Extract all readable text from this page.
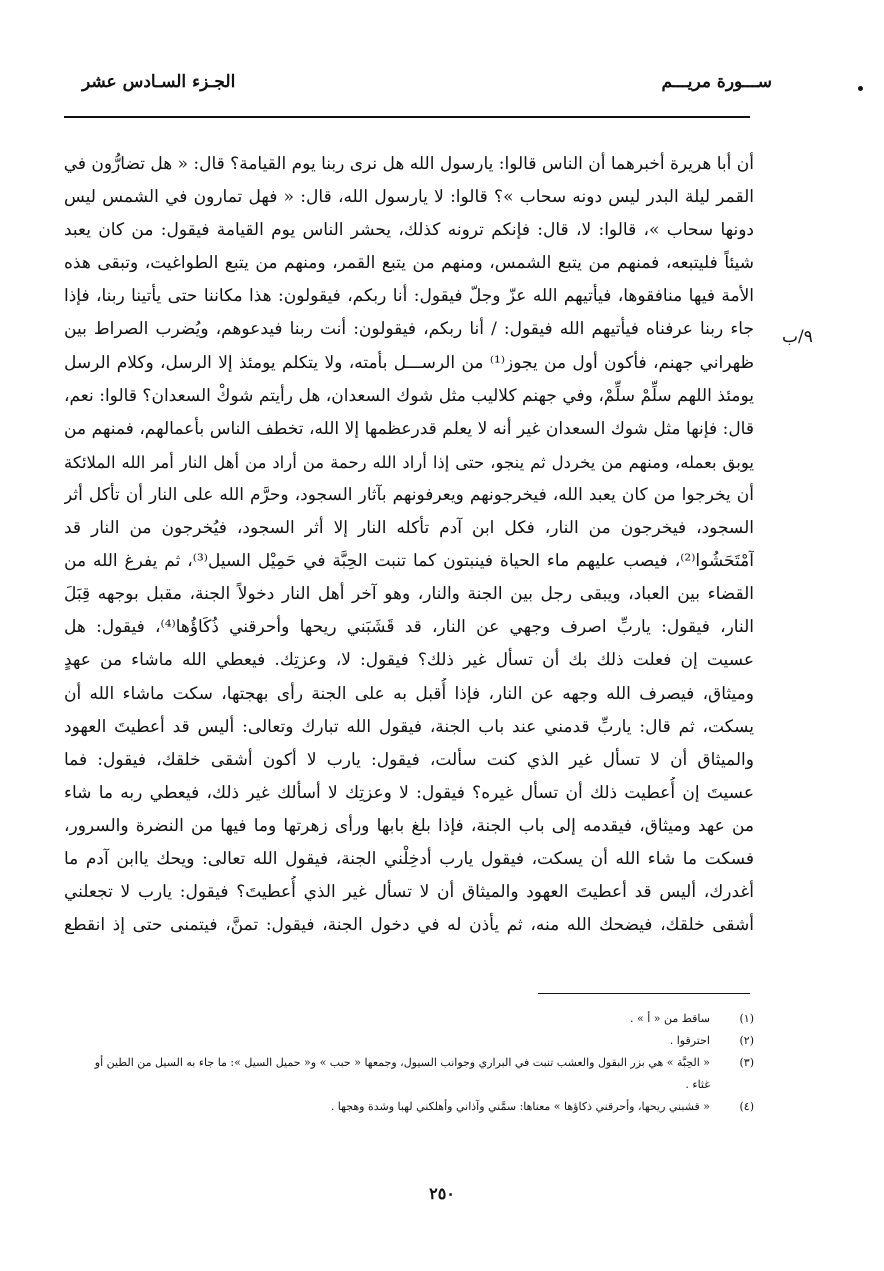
ســـورة مريـــم
الجـزء السـادس عشر
٩/ب
أن أبا هريرة أخبرهما أن الناس قالوا: يارسول الله هل نرى ربنا يوم القيامة؟ قال: « هل تضارُّون في
القمر ليلة البدر ليس دونه سحاب »؟ قالوا: لا يارسول الله، قال: « فهل تمارون في الشمس ليس
دونها سحاب »، قالوا: لا، قال: فإنكم ترونه كذلك، يحشر الناس يوم القيامة فيقول: من كان يعبد
شيئاً فليتبعه، فمنهم من يتبع الشمس، ومنهم من يتبع القمر، ومنهم من يتبع الطواغيت، وتبقى هذه
الأمة فيها منافقوها، فيأتيهم الله عزّ وجلّ فيقول: أنا ربكم، فيقولون: هذا مكاننا حتى يأتينا ربنا، فإذا
جاء ربنا عرفناه فيأتيهم الله فيقول: / أنا ربكم، فيقولون: أنت ربنا فيدعوهم، ويُضرب الصراط بين
ظهراني جهنم، فأكون أول من يجوز⁽¹⁾ من الرســـل بأمته، ولا يتكلم يومئذ إلا الرسل، وكلام الرسل
يومئذ اللهم سلِّمْ سلِّمْ، وفي جهنم كلاليب مثل شوك السعدان، هل رأيتم شوكْ السعدان؟ قالوا: نعم،
قال: فإنها مثل شوك السعدان غير أنه لا يعلم قدرعظمها إلا الله، تخطف الناس بأعمالهم، فمنهم من
يوبق بعمله، ومنهم من يخردل ثم ينجو، حتى إذا أراد الله رحمة من أراد من أهل النار أمر الله الملائكة
أن يخرجوا من كان يعبد الله، فيخرجونهم ويعرفونهم بآثار السجود، وحرَّم الله على النار أن تأكل أثر
السجود، فيخرجون من النار، فكل ابن آدم تأكله النار إلا أثر السجود، فيُخرجون من النار قد
آمْتَحَشُوا⁽²⁾، فيصب عليهم ماء الحياة فينبتون كما تنبت الحِبَّة في حَمِيْل السيل⁽³⁾، ثم يفرغ الله من
القضاء بين العباد، ويبقى رجل بين الجنة والنار، وهو آخر أهل النار دخولاً الجنة، مقبل بوجهه قِبَلَ
النار، فيقول: ياربِّ اصرف وجهي عن النار، قد قَشَبَني ريحها وأحرقني ذُكَاؤُها⁽⁴⁾، فيقول: هل
عسيت إن فعلت ذلك بك أن تسأل غير ذلك؟ فيقول: لا، وعزتِك. فيعطي الله ماشاء من عهدٍ
وميثاق، فيصرف الله وجهه عن النار، فإذا أُقبل به على الجنة رأى بهجتها، سكت ماشاء الله أن
يسكت، ثم قال: ياربِّ قدمني عند باب الجنة، فيقول الله تبارك وتعالى: أليس قد أعطيتَ العهود
والميثاق أن لا تسأل غير الذي كنت سألت، فيقول: يارب لا أكون أشقى خلقك، فيقول: فما
عسيتَ إن أُعطيت ذلك أن تسأل غيره؟ فيقول: لا وعزتِك لا أسألك غير ذلك، فيعطي ربه ما شاء
من عهد وميثاق، فيقدمه إلى باب الجنة، فإذا بلغ بابها ورأى زهرتها وما فيها من النضرة والسرور،
فسكت ما شاء الله أن يسكت، فيقول يارب أدخِلْني الجنة، فيقول الله تعالى: ويحك ياابن آدم ما
أغدرك، أليس قد أعطيتَ العهود والميثاق أن لا تسأل غير الذي أُعطيتَ؟ فيقول: يارب لا تجعلني
أشقى خلقك، فيضحك الله منه، ثم يأذن له في دخول الجنة، فيقول: تمنَّ، فيتمنى حتى إذ انقطع
(١)
ساقط من « أ » .
(٢)
احترقوا .
(٣)
« الحِبَّة » هي بزر البقول والعشب تنبت في البراري وجوانب السيول، وجمعها « حبب » و« حميل السيل »: ما جاء به السيل من الطين أو غثاء .
(٤)
« قشبني ريحها، وأحرقني ذكاؤها » معناها: سمَّني وآذاني وأهلكني لهبا وشدة وهجها .
٢٥٠
